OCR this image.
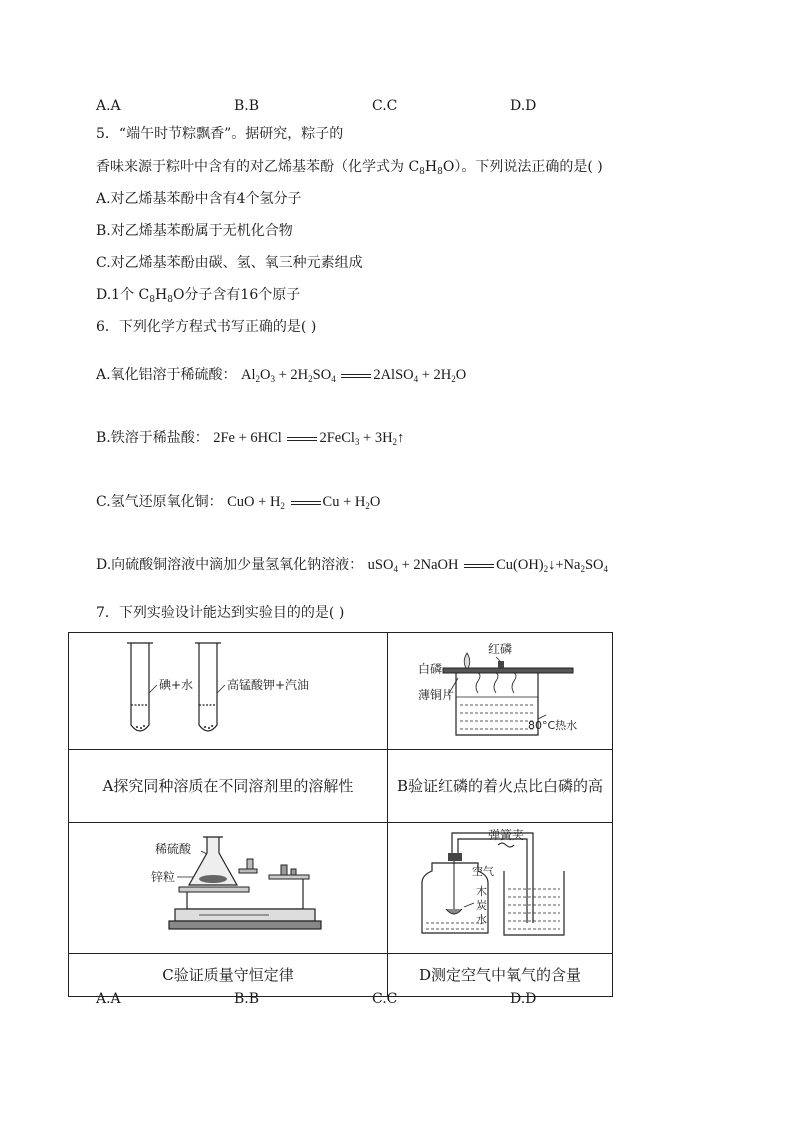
A.A	B.B	C.C	D.D
5．“端午时节粽飘香”。据研究，粽子的
香味来源于粽叶中含有的对乙烯基苯酚（化学式为 $C_8H_8O$）。下列说法正确的是( )
A.对乙烯基苯酚中含有4个氢分子
B.对乙烯基苯酚属于无机化合物
C.对乙烯基苯酚由碳、氢、氧三种元素组成
D.1个 $C_8H_8O$分子含有16个原子
6．下列化学方程式书写正确的是( )
A.氧化铝溶于稀硫酸： $Al_2O_3 + 2H_2SO_4$	2AlSO$_4$ + $2H_2O$
B.铁溶于稀盐酸： 2Fe + 6HCl 2FeCl$_3$ + $3H_2↑$
C.氢气还原氧化铜： CuO + $H_2$	$Cu + H_2O$
D.向硫酸铜溶液中滴加少量氢氧化钠溶液： uSO$_4$ + 2NaOH $Cu(OH)_2↓+Na_2SO_4$
7．下列实验设计能达到实验目的的是( )
碘+水 高锰酸钾+汽油	红磷
白磷
薄铜片
80°C热水

A探究同种溶质在不同溶剂里的溶解性	B验证红磷的着火点比白磷的高

稀硫酸
锌粒	弹簧夹
空气
木
炭
水

C验证质量守恒定律	D测定空气中氧气的含量
A.A	B.B	C.C	D.D
